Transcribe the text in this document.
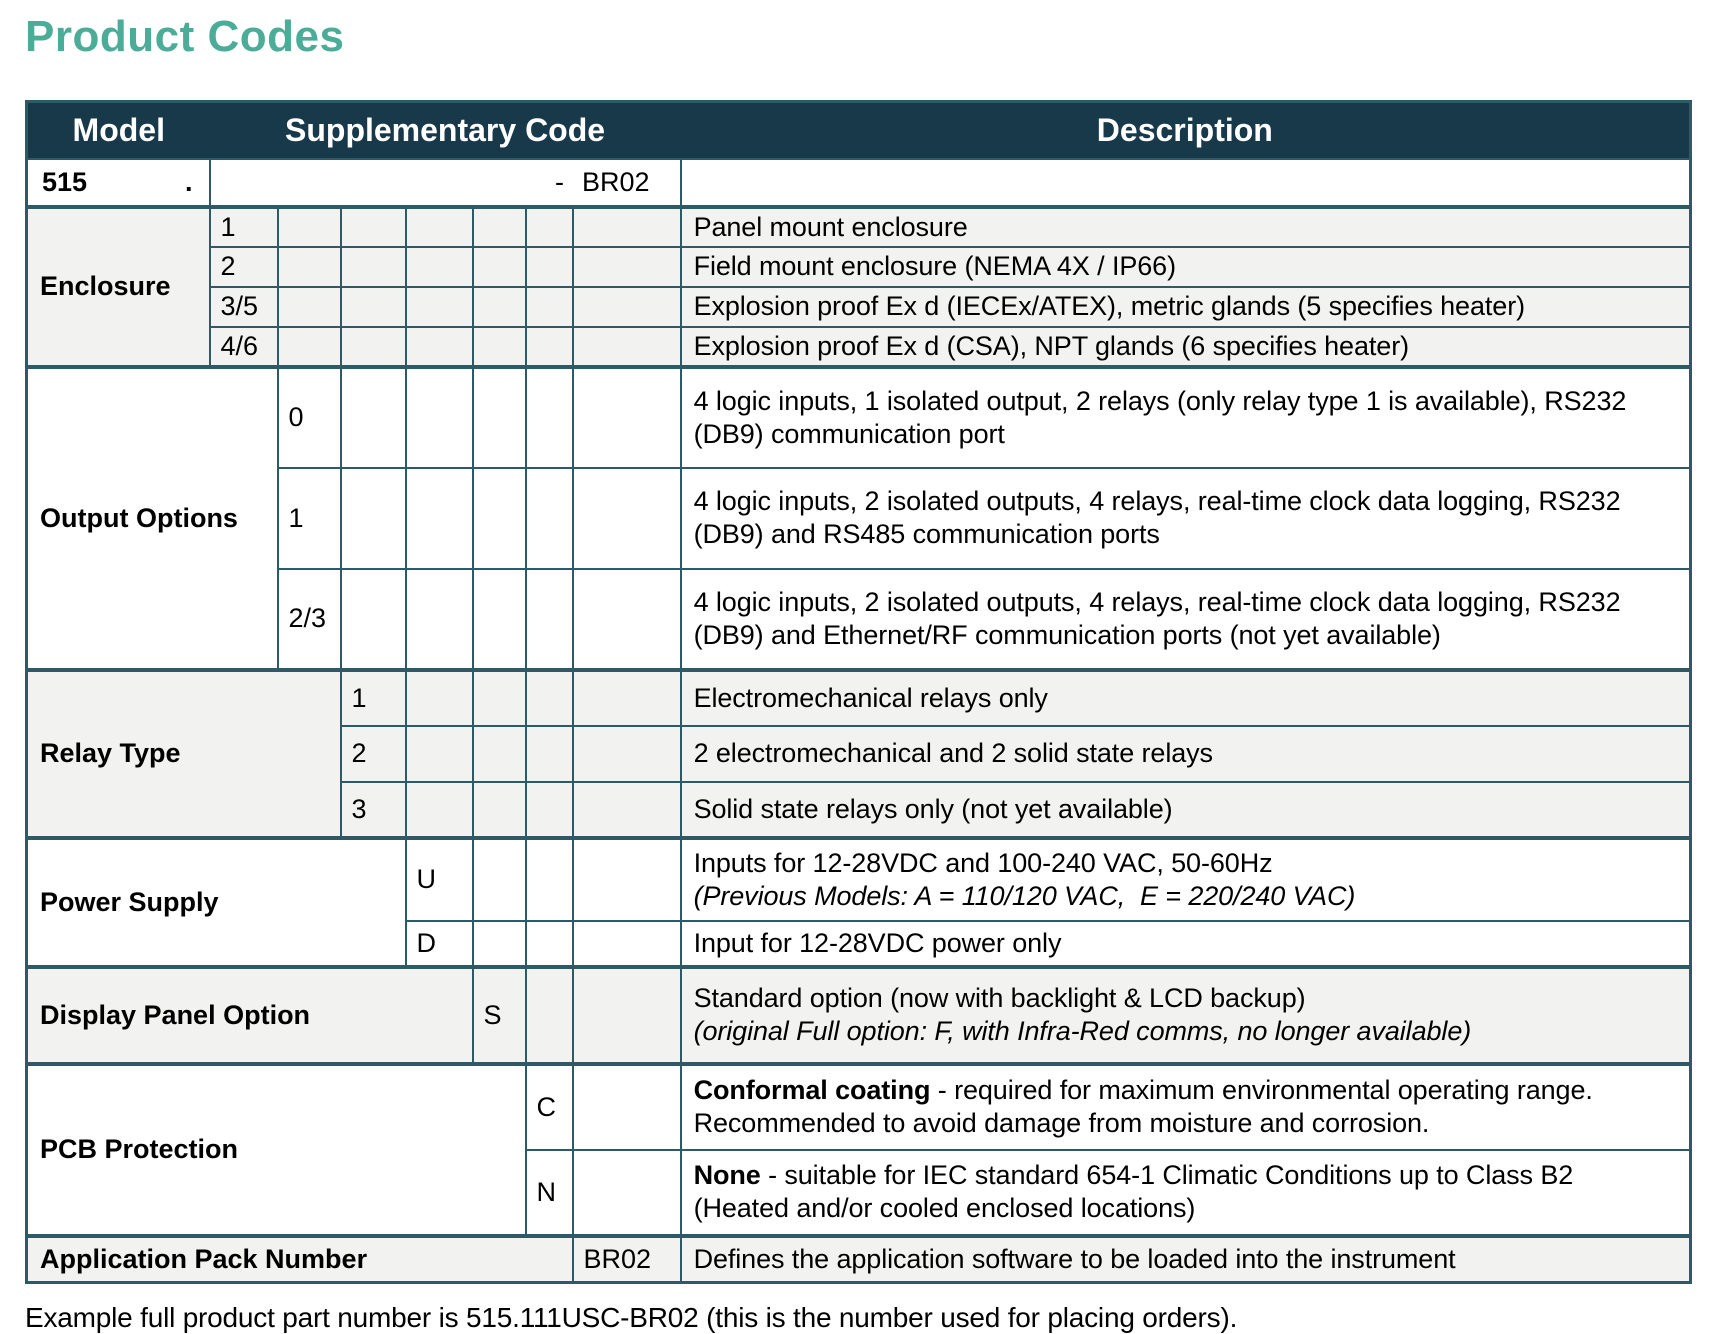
Product Codes
Model	Supplementary Code							Description

515 .	- BR02							
Enclosure	1							Panel mount enclosure

	2							Field mount enclosure (NEMA 4X / IP66)

	3/5							Explosion proof Ex d (IECEx/ATEX), metric glands (5 specifies heater)

	4/6							Explosion proof Ex d (CSA), NPT glands (6 specifies heater)

Output Options		0						4 logic inputs, 1 isolated output, 2 relays (only relay type 1 is available), RS232
(DB9) communication port

		1						4 logic inputs, 2 isolated outputs, 4 relays, real-time clock data logging, RS232
(DB9) and RS485 communication ports

		2/3						4 logic inputs, 2 isolated outputs, 4 relays, real-time clock data logging, RS232
(DB9) and Ethernet/RF communication ports (not yet available)

Relay Type			1					Electromechanical relays only

			2					2 electromechanical and 2 solid state relays

			3					Solid state relays only (not yet available)

Power Supply				U				Inputs for 12-28VDC and 100-240 VAC, 50-60Hz
(Previous Models: A = 110/120 VAC,  E = 220/240 VAC)

				D				Input for 12-28VDC power only

Display Panel Option					S			Standard option (now with backlight & LCD backup)
(original Full option: F, with Infra-Red comms, no longer available)

PCB Protection						C		Conformal coating - required for maximum environmental operating range.
Recommended to avoid damage from moisture and corrosion.

						N		None - suitable for IEC standard 654-1 Climatic Conditions up to Class B2
(Heated and/or cooled enclosed locations)

Application Pack Number							BR02	Defines the application software to be loaded into the instrument
Example full product part number is 515.111USC-BR02 (this is the number used for placing orders).
